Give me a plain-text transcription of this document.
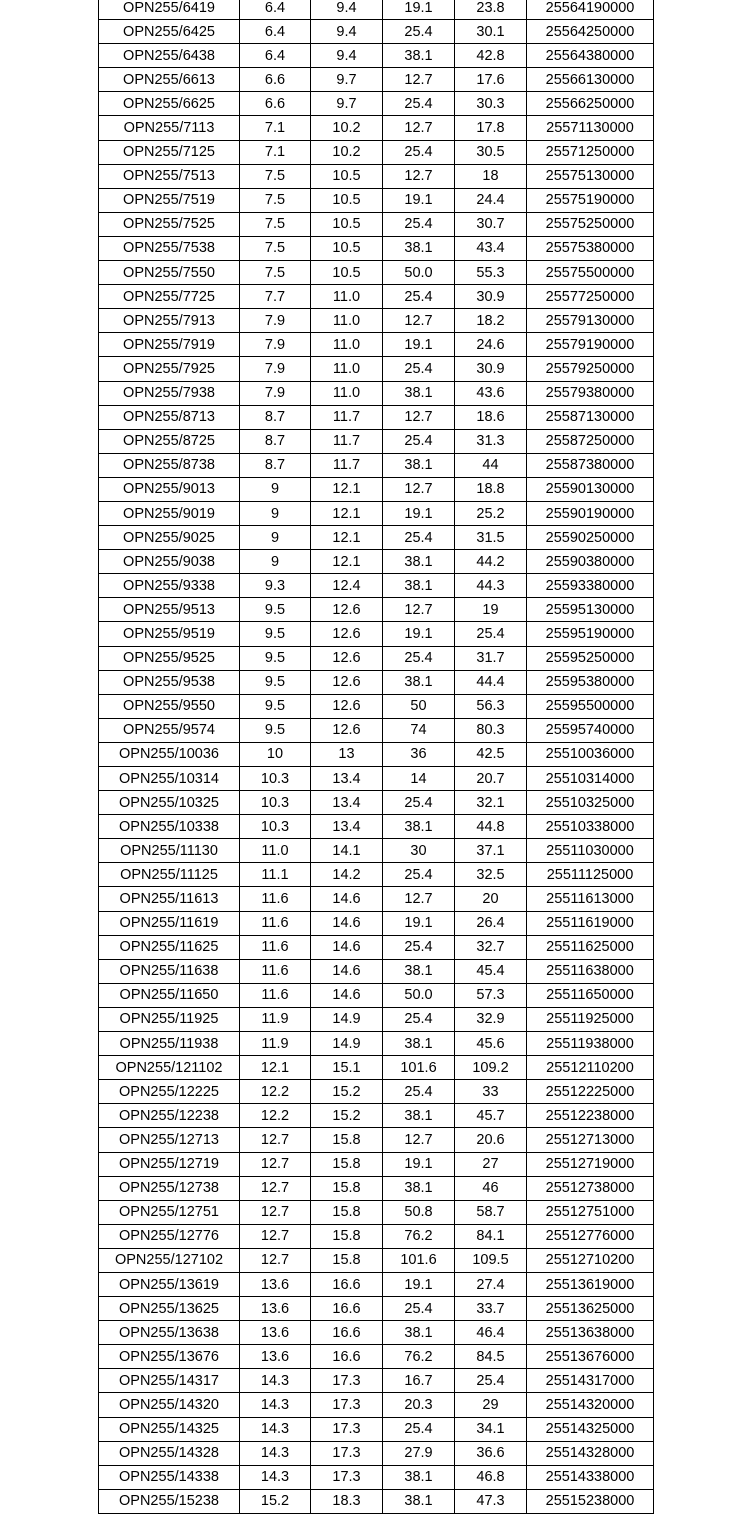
OPN255/6419	6.4	9.4	19.1	23.8	25564190000
OPN255/6425	6.4	9.4	25.4	30.1	25564250000
OPN255/6438	6.4	9.4	38.1	42.8	25564380000
OPN255/6613	6.6	9.7	12.7	17.6	25566130000
OPN255/6625	6.6	9.7	25.4	30.3	25566250000
OPN255/7113	7.1	10.2	12.7	17.8	25571130000
OPN255/7125	7.1	10.2	25.4	30.5	25571250000
OPN255/7513	7.5	10.5	12.7	18	25575130000
OPN255/7519	7.5	10.5	19.1	24.4	25575190000
OPN255/7525	7.5	10.5	25.4	30.7	25575250000
OPN255/7538	7.5	10.5	38.1	43.4	25575380000
OPN255/7550	7.5	10.5	50.0	55.3	25575500000
OPN255/7725	7.7	11.0	25.4	30.9	25577250000
OPN255/7913	7.9	11.0	12.7	18.2	25579130000
OPN255/7919	7.9	11.0	19.1	24.6	25579190000
OPN255/7925	7.9	11.0	25.4	30.9	25579250000
OPN255/7938	7.9	11.0	38.1	43.6	25579380000
OPN255/8713	8.7	11.7	12.7	18.6	25587130000
OPN255/8725	8.7	11.7	25.4	31.3	25587250000
OPN255/8738	8.7	11.7	38.1	44	25587380000
OPN255/9013	9	12.1	12.7	18.8	25590130000
OPN255/9019	9	12.1	19.1	25.2	25590190000
OPN255/9025	9	12.1	25.4	31.5	25590250000
OPN255/9038	9	12.1	38.1	44.2	25590380000
OPN255/9338	9.3	12.4	38.1	44.3	25593380000
OPN255/9513	9.5	12.6	12.7	19	25595130000
OPN255/9519	9.5	12.6	19.1	25.4	25595190000
OPN255/9525	9.5	12.6	25.4	31.7	25595250000
OPN255/9538	9.5	12.6	38.1	44.4	25595380000
OPN255/9550	9.5	12.6	50	56.3	25595500000
OPN255/9574	9.5	12.6	74	80.3	25595740000
OPN255/10036	10	13	36	42.5	25510036000
OPN255/10314	10.3	13.4	14	20.7	25510314000
OPN255/10325	10.3	13.4	25.4	32.1	25510325000
OPN255/10338	10.3	13.4	38.1	44.8	25510338000
OPN255/11130	11.0	14.1	30	37.1	25511030000
OPN255/11125	11.1	14.2	25.4	32.5	25511125000
OPN255/11613	11.6	14.6	12.7	20	25511613000
OPN255/11619	11.6	14.6	19.1	26.4	25511619000
OPN255/11625	11.6	14.6	25.4	32.7	25511625000
OPN255/11638	11.6	14.6	38.1	45.4	25511638000
OPN255/11650	11.6	14.6	50.0	57.3	25511650000
OPN255/11925	11.9	14.9	25.4	32.9	25511925000
OPN255/11938	11.9	14.9	38.1	45.6	25511938000
OPN255/121102	12.1	15.1	101.6	109.2	25512110200
OPN255/12225	12.2	15.2	25.4	33	25512225000
OPN255/12238	12.2	15.2	38.1	45.7	25512238000
OPN255/12713	12.7	15.8	12.7	20.6	25512713000
OPN255/12719	12.7	15.8	19.1	27	25512719000
OPN255/12738	12.7	15.8	38.1	46	25512738000
OPN255/12751	12.7	15.8	50.8	58.7	25512751000
OPN255/12776	12.7	15.8	76.2	84.1	25512776000
OPN255/127102	12.7	15.8	101.6	109.5	25512710200
OPN255/13619	13.6	16.6	19.1	27.4	25513619000
OPN255/13625	13.6	16.6	25.4	33.7	25513625000
OPN255/13638	13.6	16.6	38.1	46.4	25513638000
OPN255/13676	13.6	16.6	76.2	84.5	25513676000
OPN255/14317	14.3	17.3	16.7	25.4	25514317000
OPN255/14320	14.3	17.3	20.3	29	25514320000
OPN255/14325	14.3	17.3	25.4	34.1	25514325000
OPN255/14328	14.3	17.3	27.9	36.6	25514328000
OPN255/14338	14.3	17.3	38.1	46.8	25514338000
OPN255/15238	15.2	18.3	38.1	47.3	25515238000
